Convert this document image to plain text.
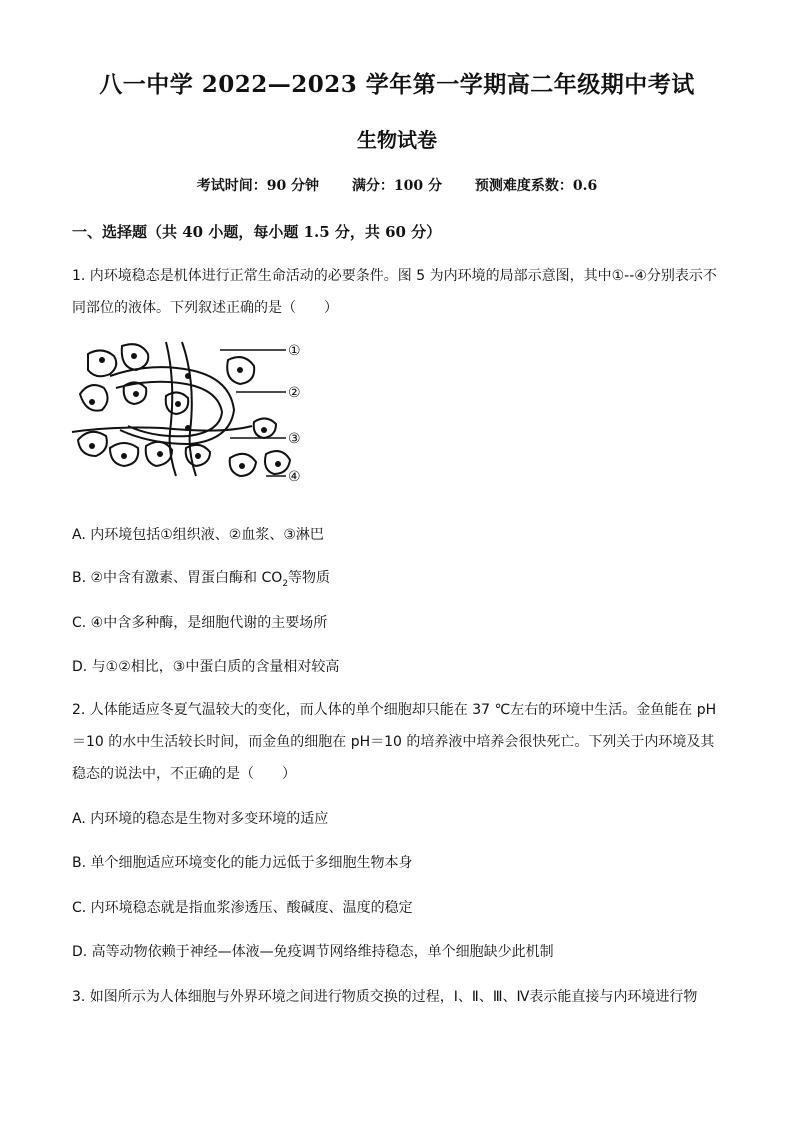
八一中学 2022—2023 学年第一学期高二年级期中考试
生物试卷
考试时间：90 分钟 满分：100 分 预测难度系数：0.6
一、选择题（共 40 小题，每小题 1.5 分，共 60 分）

1. 内环境稳态是机体进行正常生命活动的必要条件。图 5 为内环境的局部示意图，其中①--④分别表示不同部位的液体。下列叙述正确的是（　　）

①
②
③
④

A. 内环境包括①组织液、②血浆、③淋巴

B. ②中含有激素、胃蛋白酶和 $CO_2$等物质

C. ④中含多种酶，是细胞代谢的主要场所

D. 与①②相比，③中蛋白质的含量相对较高

2. 人体能适应冬夏气温较大的变化，而人体的单个细胞却只能在 37 ℃左右的环境中生活。金鱼能在 pH＝10 的水中生活较长时间，而金鱼的细胞在 pH＝10 的培养液中培养会很快死亡。下列关于内环境及其稳态的说法中，不正确的是（　　）

A. 内环境的稳态是生物对多变环境的适应

B. 单个细胞适应环境变化的能力远低于多细胞生物本身

C. 内环境稳态就是指血浆渗透压、酸碱度、温度的稳定

D. 高等动物依赖于神经—体液—免疫调节网络维持稳态，单个细胞缺少此机制

3. 如图所示为人体细胞与外界环境之间进行物质交换的过程，Ⅰ、Ⅱ、Ⅲ、Ⅳ表示能直接与内环境进行物
